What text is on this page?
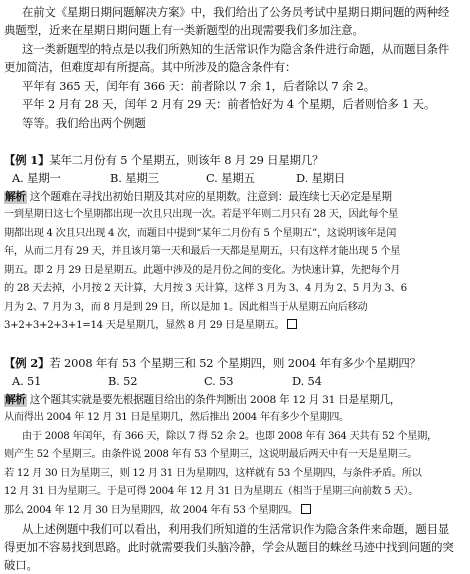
在前文《星期日期问题解决方案》中，我们给出了公务员考试中星期日期问题的两种经
典题型，近来在星期日期问题上有一类新题型的出现需要我们多加注意。
这一类新题型的特点是以我们所熟知的生活常识作为隐含条件进行命题，从而题目条件
更加简洁，但难度却有所提高。其中所涉及的隐含条件有：
平年有 365 天，闰年有 366 天：前者除以 7 余 1，后者除以 7 余 2。
平年 2 月有 28 天，闰年 2 月有 29 天：前者恰好为 4 个星期，后者则恰多 1 天。
等等。我们给出两个例题
【例 1】某年二月份有 5 个星期五，则该年 8 月 29 日星期几？
A. 星期一	B. 星期三	C. 星期五	D. 星期日
解析 这个题难在寻找出初始日期及其对应的星期数。注意到：最连续七天必定是星期
一到星期日这七个星期都出现一次且只出现一次。若是平年则二月只有 28 天，因此每个星
期都出现 4 次且只出现 4 次，而题目中提到“某年二月份有 5 个星期五”，这说明该年是闰
年，从而二月有 29 天，并且该月第一天和最后一天都是星期五，只有这样才能出现 5 个星
期五。即 2 月 29 日是星期五。此题中涉及的是月份之间的变化。为快速计算，先把每个月
的 28 天去掉，小月按 2 天计算，大月按 3 天计算，这样 3 月为 3、4 月为 2、5 月为 3、6
月为 2、7 月为 3，而 8 月是到 29 日，所以是加 1。因此相当于从星期五向后移动
3+2+3+2+3+1=14 天是星期几，显然 8 月 29 日是星期五。
【例 2】若 2008 年有 53 个星期三和 52 个星期四，则 2004 年有多少个星期四？
A. 51	B. 52	C. 53	D. 54
解析 这个题其实就是要先根据题目给出的条件判断出 2008 年 12 月 31 日是星期几，
从而得出 2004 年 12 月 31 日是星期几，然后推出 2004 年有多少个星期四。
由于 2008 年闰年，有 366 天，除以 7 得 52 余 2。也即 2008 年有 364 天共有 52 个星期，
则产生 52 个星期三。由条件说 2008 年有 53 个星期三，这说明最后两天中有一天是星期三。
若 12 月 30 日为星期三，则 12 月 31 日为星期四，这样就有 53 个星期四，与条件矛盾。所以
12 月 31 日为星期三。于是可得 2004 年 12 月 31 日为星期五（相当于星期三向前数 5 天）。
那么 2004 年 12 月 30 日为星期四，故 2004 年有 53 个星期四。
从上述例题中我们可以看出，利用我们所知道的生活常识作为隐含条件来命题，题目显
得更加不容易找到思路。此时就需要我们头脑冷静，学会从题目的蛛丝马迹中找到问题的突
破口。
